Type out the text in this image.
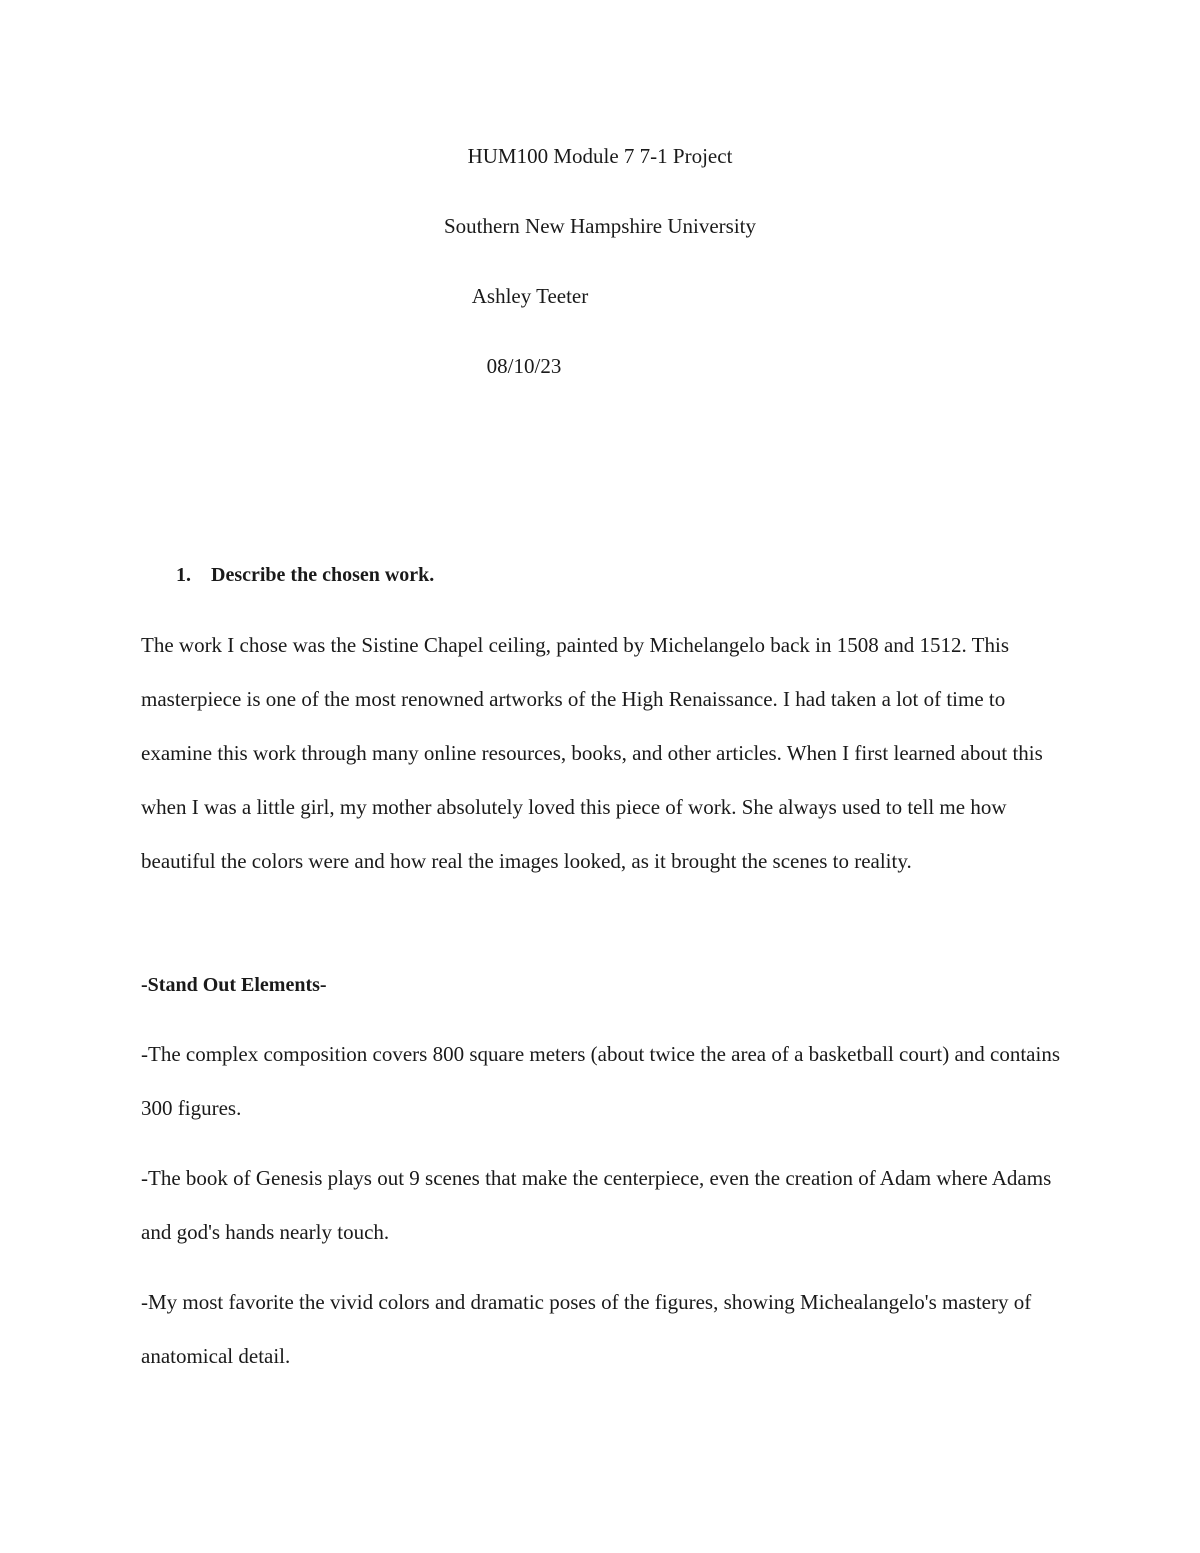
HUM100 Module 7 7-1 Project
Southern New Hampshire University
Ashley Teeter
08/10/23
1. Describe the chosen work.

The work I chose was the Sistine Chapel ceiling, painted by Michelangelo back in 1508 and 1512. This masterpiece is one of the most renowned artworks of the High Renaissance. I had taken a lot of time to examine this work through many online resources, books, and other articles. When I first learned about this when I was a little girl, my mother absolutely loved this piece of work. She always used to tell me how beautiful the colors were and how real the images looked, as it brought the scenes to reality.

-Stand Out Elements-

-The complex composition covers 800 square meters (about twice the area of a basketball court) and contains 300 figures.

-The book of Genesis plays out 9 scenes that make the centerpiece, even the creation of Adam where Adams and god's hands nearly touch.

-My most favorite the vivid colors and dramatic poses of the figures, showing Michealangelo's mastery of anatomical detail.
